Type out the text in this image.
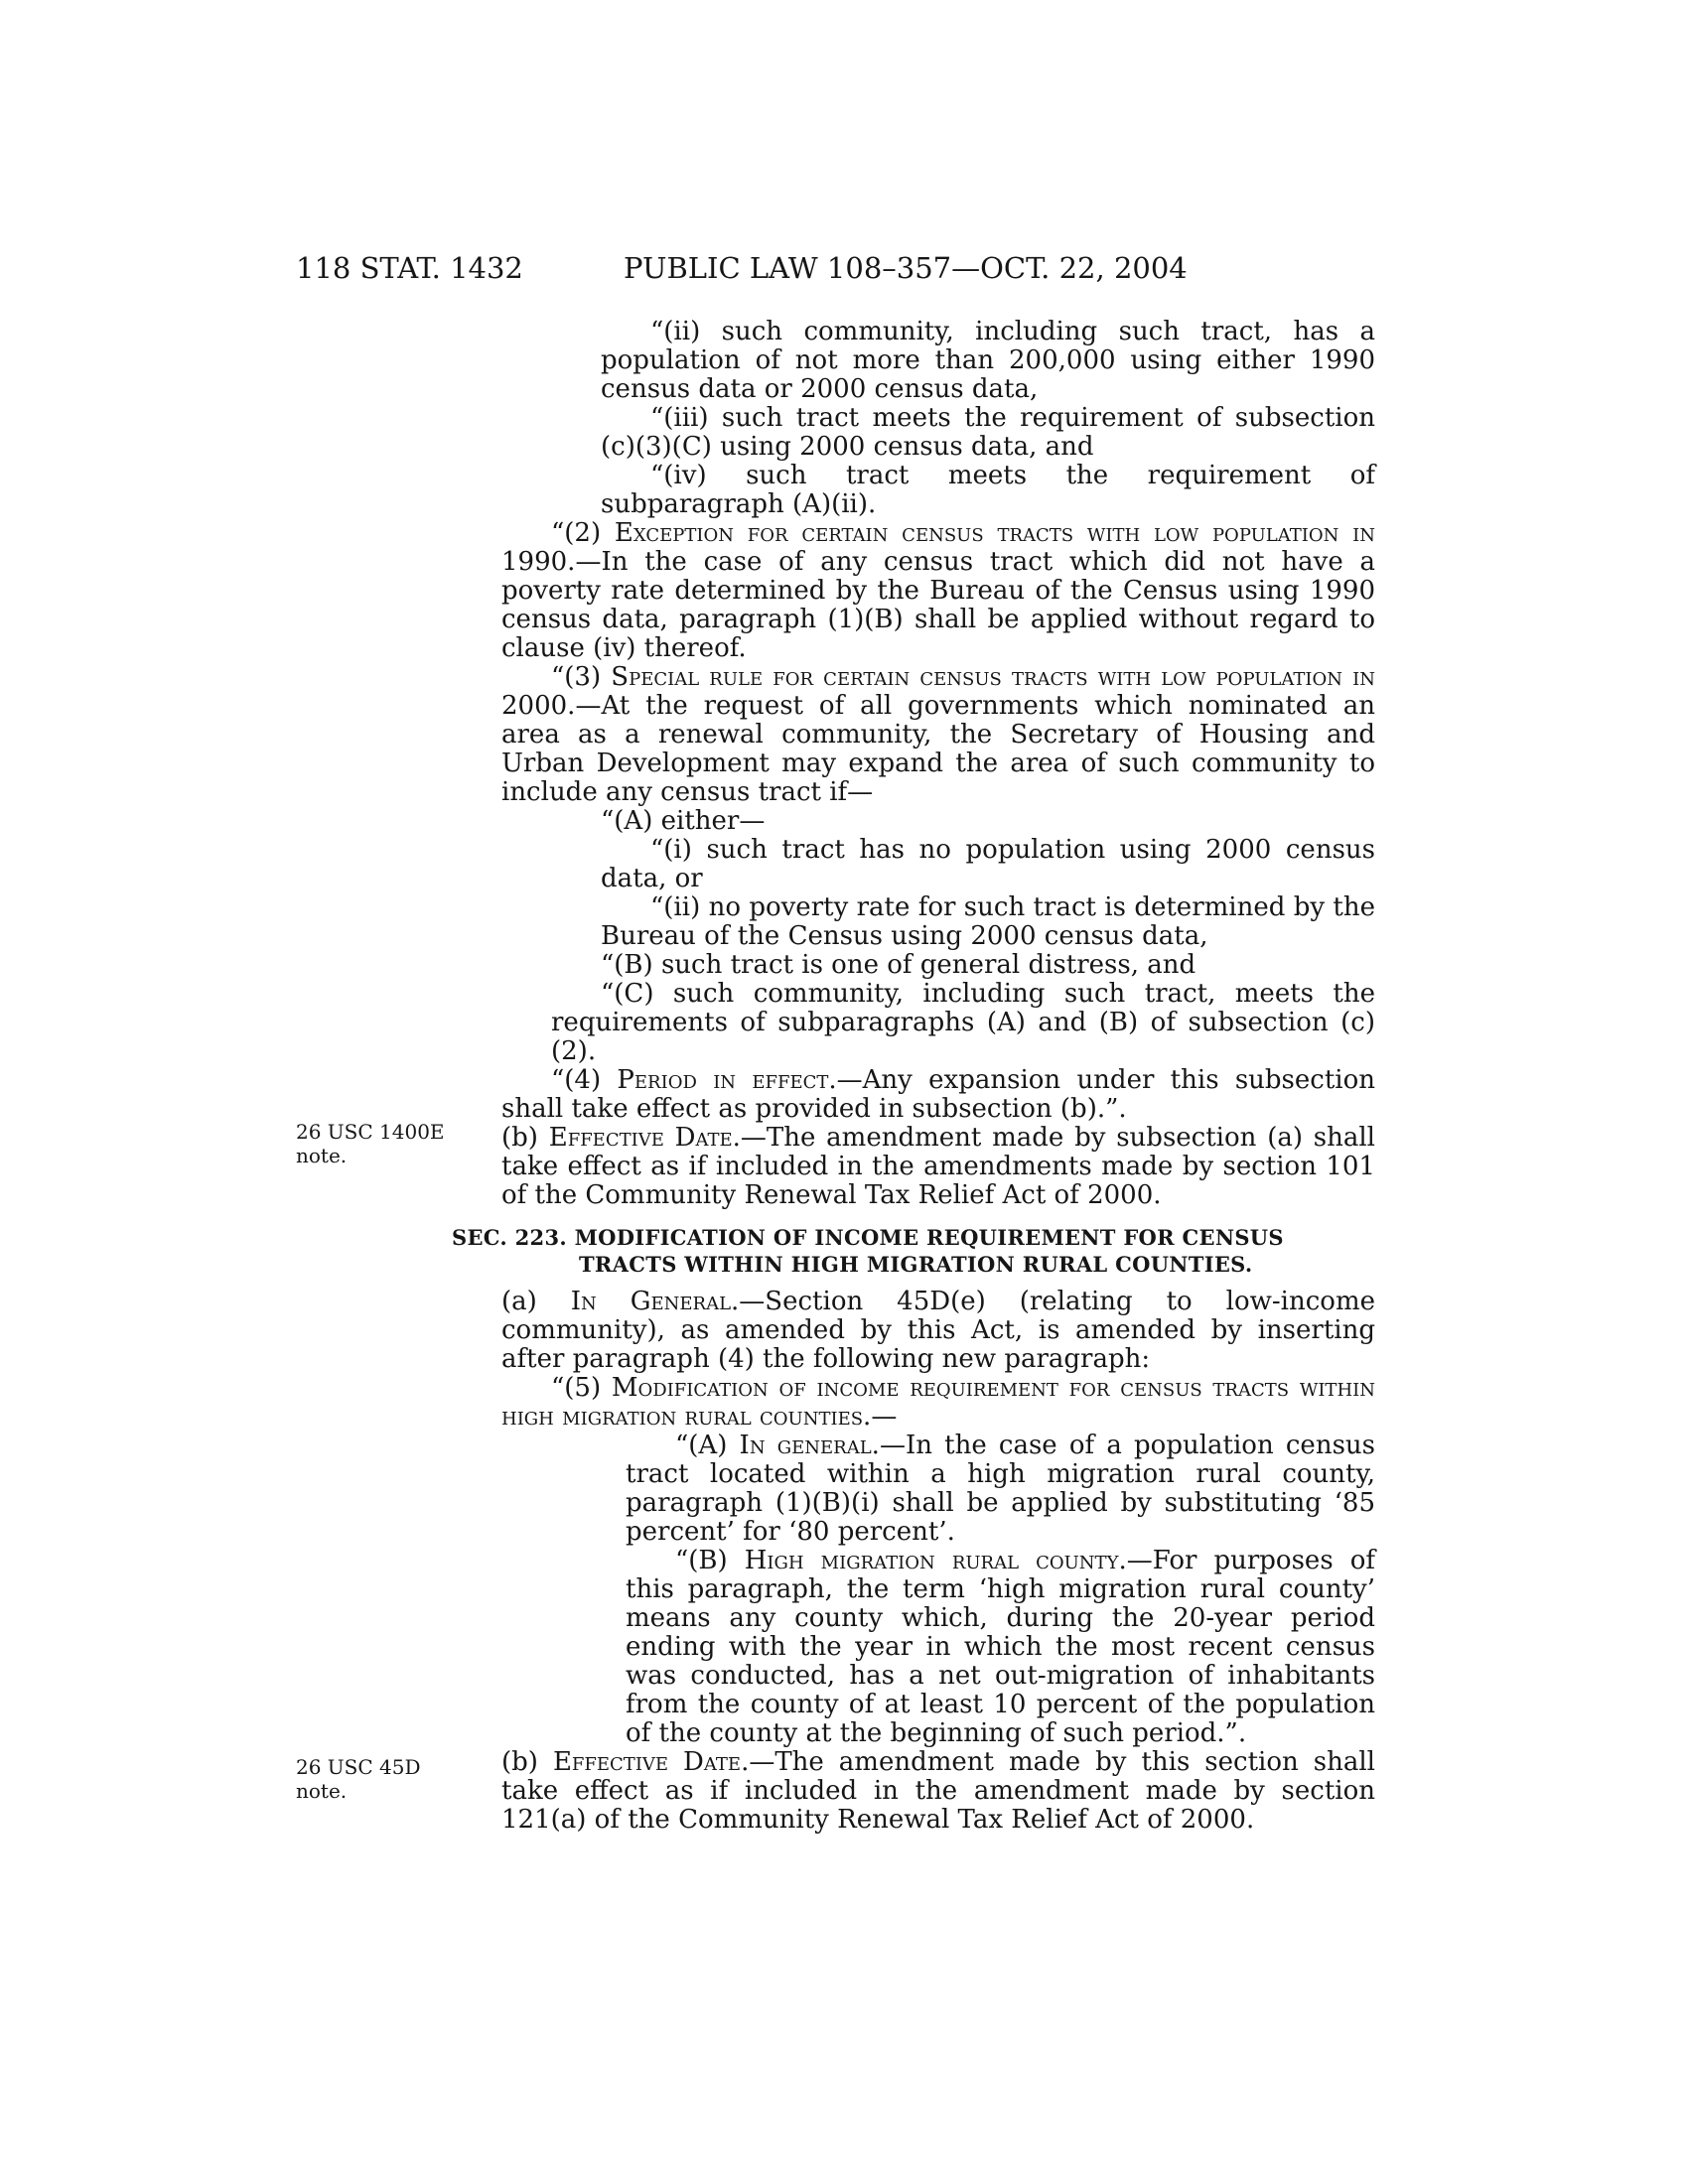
118 STAT. 1432	PUBLIC LAW 108–357—OCT. 22, 2004
26 USC 1400E
note.
26 USC 45D
note.

“(ii) such community, including such tract, has a population of not more than 200,000 using either 1990 census data or 2000 census data,

“(iii) such tract meets the requirement of subsection (c)(3)(C) using 2000 census data, and

“(iv) such tract meets the requirement of subparagraph (A)(ii).

“(2) Exception for certain census tracts with low population in 1990.—In the case of any census tract which did not have a poverty rate determined by the Bureau of the Census using 1990 census data, paragraph (1)(B) shall be applied without regard to clause (iv) thereof.

“(3) Special rule for certain census tracts with low population in 2000.—At the request of all governments which nominated an area as a renewal community, the Secretary of Housing and Urban Development may expand the area of such community to include any census tract if—

“(A) either—

“(i) such tract has no population using 2000 census data, or

“(ii) no poverty rate for such tract is determined by the Bureau of the Census using 2000 census data,

“(B) such tract is one of general distress, and

“(C) such community, including such tract, meets the requirements of subparagraphs (A) and (B) of subsection (c)(2).

“(4) Period in effect.—Any expansion under this subsection shall take effect as provided in subsection (b).”.

(b) Effective Date.—The amendment made by subsection (a) shall take effect as if included in the amendments made by section 101 of the Community Renewal Tax Relief Act of 2000.

SEC. 223. MODIFICATION OF INCOME REQUIREMENT FOR CENSUS
TRACTS WITHIN HIGH MIGRATION RURAL COUNTIES.

(a) In General.—Section 45D(e) (relating to low-income community), as amended by this Act, is amended by inserting after paragraph (4) the following new paragraph:

“(5) Modification of income requirement for census tracts within high migration rural counties.—

“(A) In general.—In the case of a population census tract located within a high migration rural county, paragraph (1)(B)(i) shall be applied by substituting ‘85 percent’ for ‘80 percent’.

“(B) High migration rural county.—For purposes of this paragraph, the term ‘high migration rural county’ means any county which, during the 20-year period ending with the year in which the most recent census was conducted, has a net out-migration of inhabitants from the county of at least 10 percent of the population of the county at the beginning of such period.”.

(b) Effective Date.—The amendment made by this section shall take effect as if included in the amendment made by section 121(a) of the Community Renewal Tax Relief Act of 2000.
